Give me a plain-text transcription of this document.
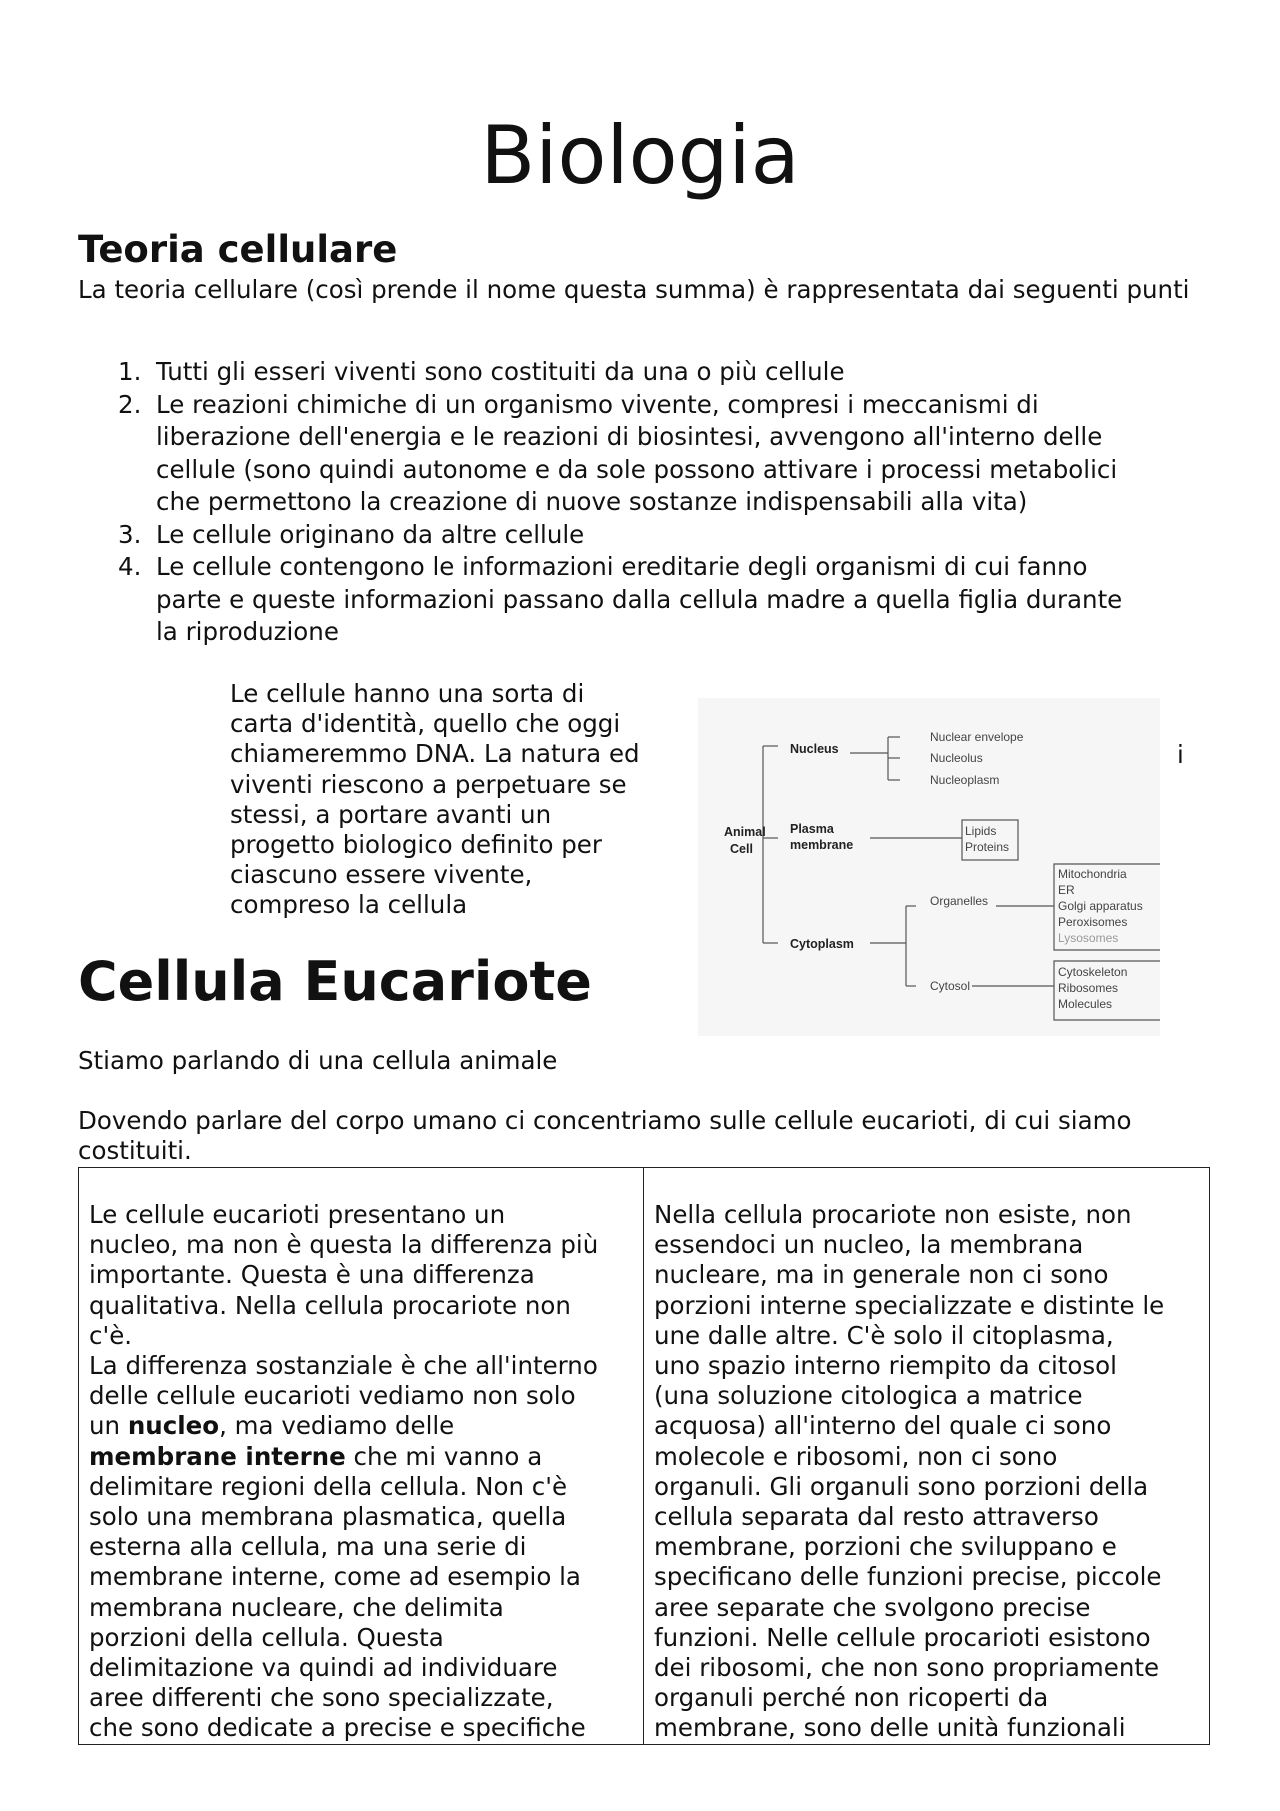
Biologia
Teoria cellulare
La teoria cellulare (così prende il nome questa summa) è rappresentata dai seguenti punti
1. Tutti gli esseri viventi sono costituiti da una o più cellule
2. Le reazioni chimiche di un organismo vivente, compresi i meccanismi di
liberazione dell'energia e le reazioni di biosintesi, avvengono all'interno delle
cellule (sono quindi autonome e da sole possono attivare i processi metabolici
che permettono la creazione di nuove sostanze indispensabili alla vita)
3. Le cellule originano da altre cellule
4. Le cellule contengono le informazioni ereditarie degli organismi di cui fanno
parte e queste informazioni passano dalla cellula madre a quella figlia durante
la riproduzione
Le cellule hanno una sorta di
carta d'identità, quello che oggi
chiameremmo DNA. La natura ed
viventi riescono a perpetuare se
stessi, a portare avanti un
progetto biologico definito per
ciascuno essere vivente,
compreso la cellula
i
Animal
Cell
Nucleus
Plasma
membrane
Cytoplasm
Nuclear envelope
Nucleolus
Nucleoplasm
Lipids
Proteins
Organelles
Cytosol
Mitochondria
ER
Golgi apparatus
Peroxisomes
Lysosomes
Cytoskeleton
Ribosomes
Molecules
Cellula Eucariote
Stiamo parlando di una cellula animale
Dovendo parlare del corpo umano ci concentriamo sulle cellule eucarioti, di cui siamo costituiti.
Le cellule eucarioti presentano un
nucleo, ma non è questa la differenza più
importante. Questa è una differenza
qualitativa. Nella cellula procariote non
c'è.
La differenza sostanziale è che all'interno
delle cellule eucarioti vediamo non solo
un nucleo, ma vediamo delle
membrane interne che mi vanno a
delimitare regioni della cellula. Non c'è
solo una membrana plasmatica, quella
esterna alla cellula, ma una serie di
membrane interne, come ad esempio la
membrana nucleare, che delimita
porzioni della cellula. Questa
delimitazione va quindi ad individuare
aree differenti che sono specializzate,
che sono dedicate a precise e specifiche

Nella cellula procariote non esiste, non
essendoci un nucleo, la membrana
nucleare, ma in generale non ci sono
porzioni interne specializzate e distinte le
une dalle altre. C'è solo il citoplasma,
uno spazio interno riempito da citosol
(una soluzione citologica a matrice
acquosa) all'interno del quale ci sono
molecole e ribosomi, non ci sono
organuli. Gli organuli sono porzioni della
cellula separata dal resto attraverso
membrane, porzioni che sviluppano e
specificano delle funzioni precise, piccole
aree separate che svolgono precise
funzioni. Nelle cellule procarioti esistono
dei ribosomi, che non sono propriamente
organuli perché non ricoperti da
membrane, sono delle unità funzionali
